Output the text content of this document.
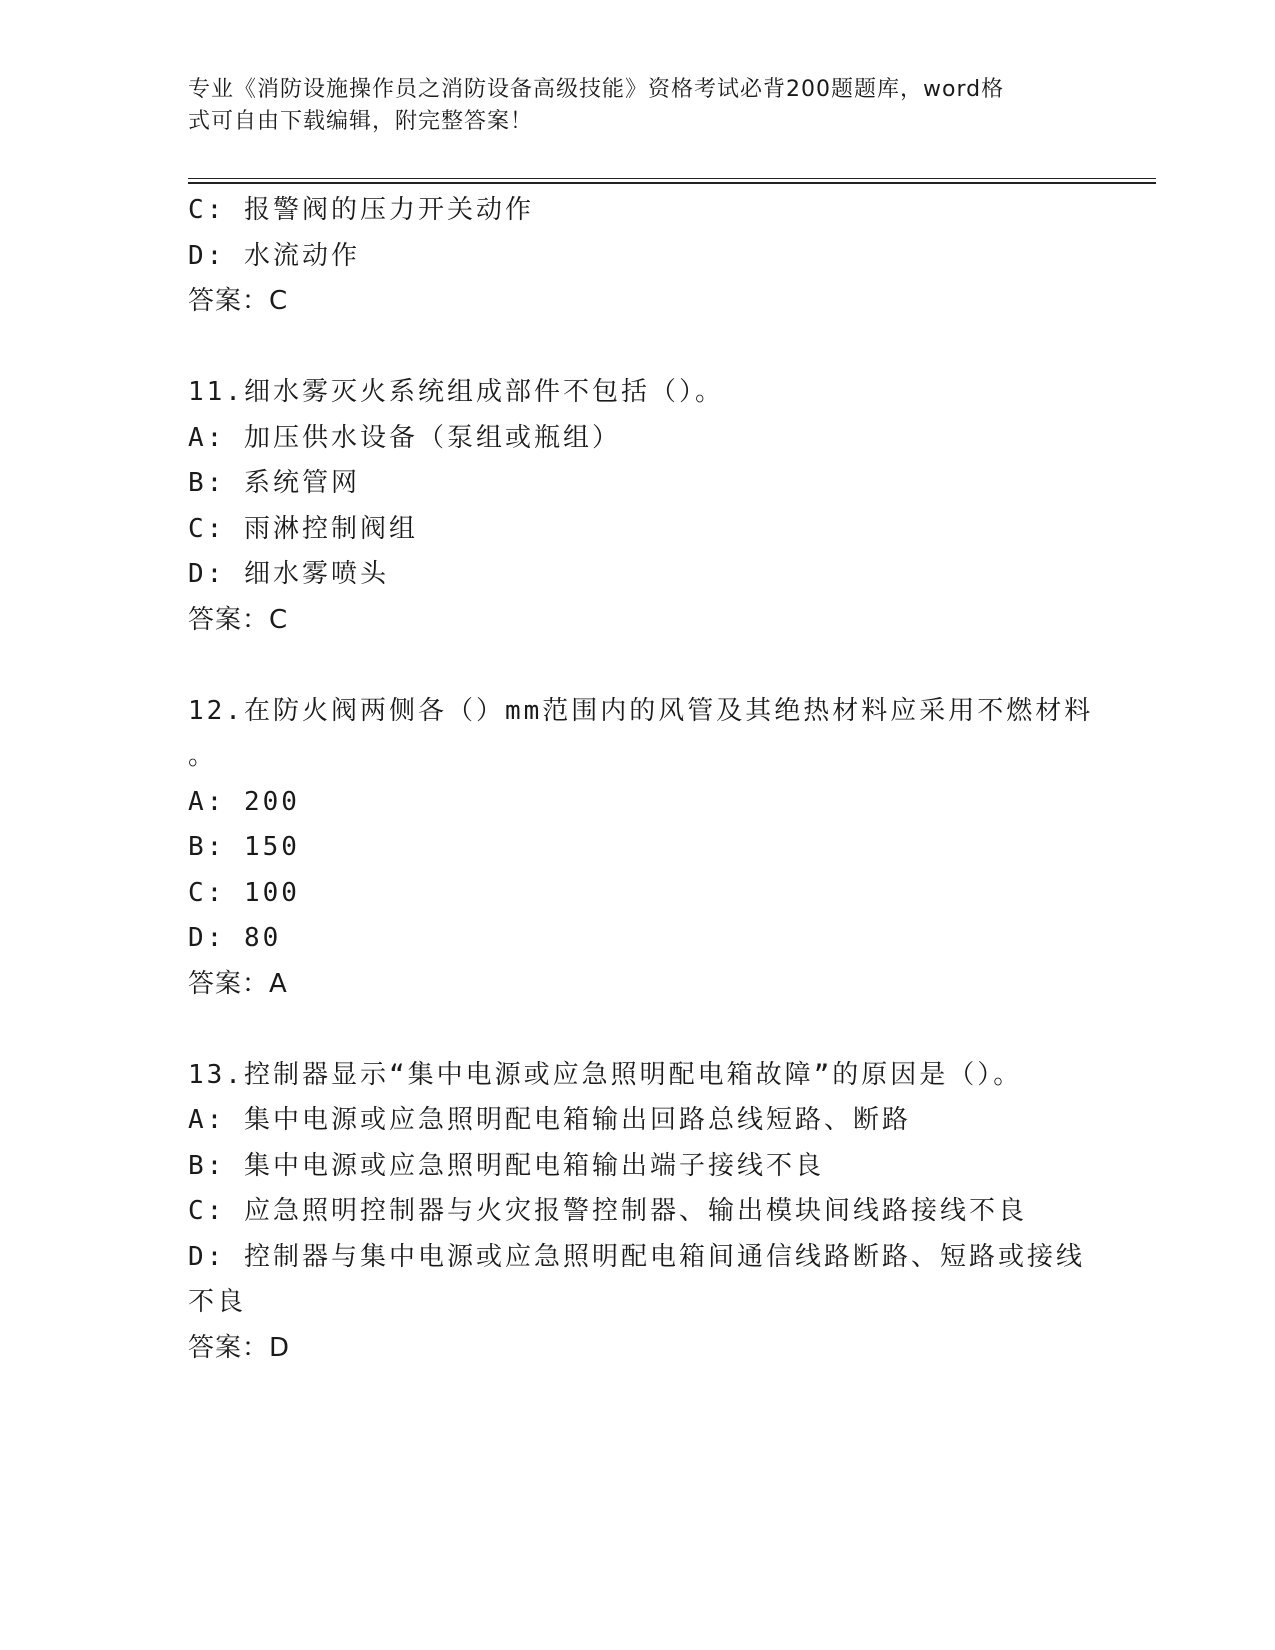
专业《消防设施操作员之消防设备高级技能》资格考试必背200题题库，word格
式可自由下载编辑，附完整答案！
C: 报警阀的压力开关动作
D: 水流动作
答案：C
11.细水雾灭火系统组成部件不包括（）。
A: 加压供水设备（泵组或瓶组）
B: 系统管网
C: 雨淋控制阀组
D: 细水雾喷头
答案：C
12.在防火阀两侧各（）mm范围内的风管及其绝热材料应采用不燃材料
。
A: 200
B: 150
C: 100
D: 80
答案：A
13.控制器显示“集中电源或应急照明配电箱故障”的原因是（）。
A: 集中电源或应急照明配电箱输出回路总线短路、断路
B: 集中电源或应急照明配电箱输出端子接线不良
C: 应急照明控制器与火灾报警控制器、输出模块间线路接线不良
D: 控制器与集中电源或应急照明配电箱间通信线路断路、短路或接线
不良
答案：D
